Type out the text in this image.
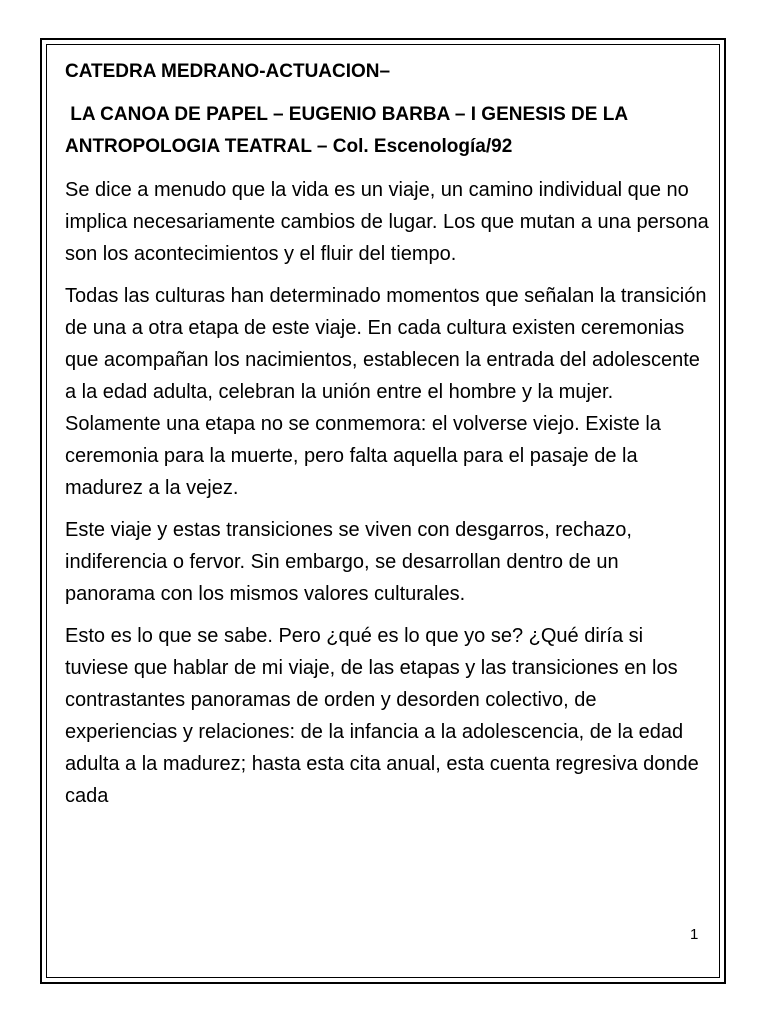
CATEDRA MEDRANO-ACTUACION–

LA CANOA DE PAPEL – EUGENIO BARBA – I GENESIS DE LA ANTROPOLOGIA TEATRAL – Col. Escenología/92

Se dice a menudo que la vida es un viaje, un camino individual que no implica necesariamente cambios de lugar. Los que mutan a una persona son los acontecimientos y el fluir del tiempo.

Todas las culturas han determinado momentos que señalan la transición de una a otra etapa de este viaje. En cada cultura existen ceremonias que acompañan los nacimientos, establecen la entrada del adolescente a la edad adulta, celebran la unión entre el hombre y la mujer. Solamente una etapa no se conmemora: el volverse viejo. Existe la ceremonia para la muerte, pero falta aquella para el pasaje de la madurez a la vejez.

Este viaje y estas transiciones se viven con desgarros, rechazo, indiferencia o fervor. Sin embargo, se desarrollan dentro de un panorama con los mismos valores culturales.

Esto es lo que se sabe. Pero ¿qué es lo que yo se? ¿Qué diría si tuviese que hablar de mi viaje, de las etapas y las transiciones en los contrastantes panoramas de orden y desorden colectivo, de experiencias y relaciones: de la infancia a la adolescencia, de la edad adulta a la madurez; hasta esta cita anual, esta cuenta regresiva donde cada

1
